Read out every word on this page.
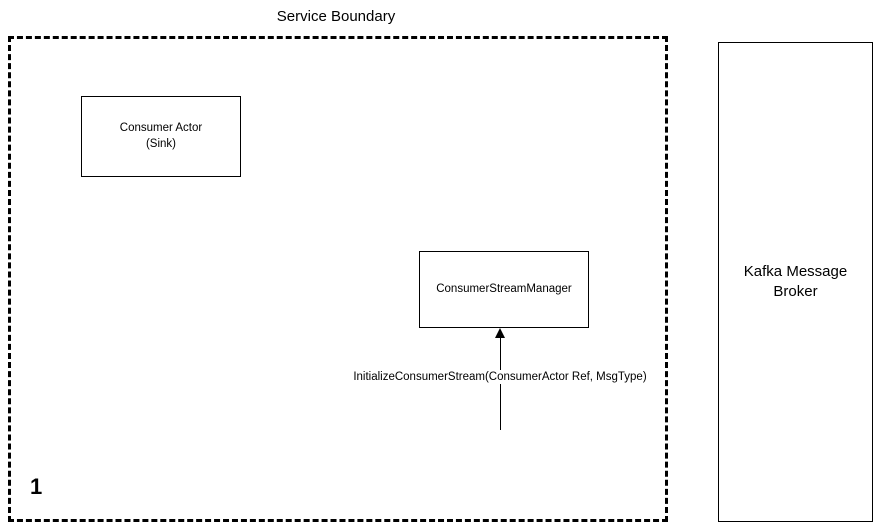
Service Boundary
Consumer Actor
(Sink)
ConsumerStreamManager
Kafka Message
Broker
InitializeConsumerStream(ConsumerActor Ref, MsgType)
1
